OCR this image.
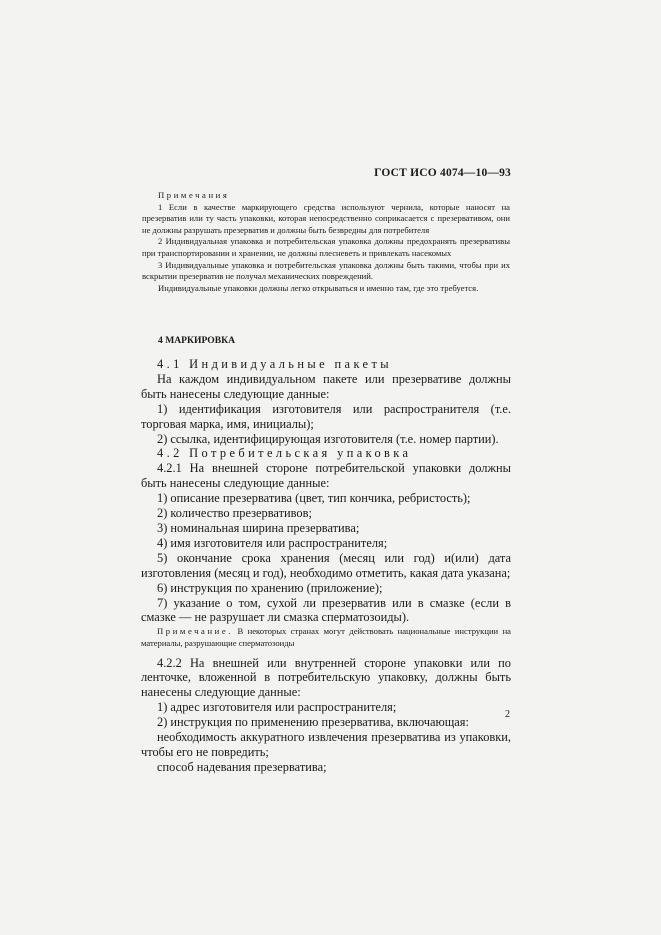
ГОСТ ИСО 4074—10—93

Примечания

1 Если в качестве маркирующего средства используют чернила, которые наносят на презерватив или ту часть упаковки, которая непосредственно соприкасается с презервативом, они не должны разрушать презерватив и должны быть безвредны для потребителя

2 Индивидуальная упаковка и потребительская упаковка должны предохранять презервативы при транспортировании и хранении, не должны плесневеть и привлекать насекомых

3 Индивидуальные упаковка и потребительская упаковка должны быть такими, чтобы при их вскрытии презерватив не получал механических повреждений.

Индивидуальные упаковки должны легко открываться и именно там, где это требуется.

4 МАРКИРОВКА

4.1 Индивидуальные пакеты

На каждом индивидуальном пакете или презервативе должны быть нанесены следующие данные:

1) идентификация изготовителя или распространителя (т.е. торговая марка, имя, инициалы);

2) ссылка, идентифицирующая изготовителя (т.е. номер партии).

4.2 Потребительская упаковка

4.2.1 На внешней стороне потребительской упаковки должны быть нанесены следующие данные:

1) описание презерватива (цвет, тип кончика, ребристость);

2) количество презервативов;

3) номинальная ширина презерватива;

4) имя изготовителя или распространителя;

5) окончание срока хранения (месяц или год) и(или) дата изготовления (месяц и год), необходимо отметить, какая дата указана;

6) инструкция по хранению (приложение);

7) указание о том, сухой ли презерватив или в смазке (если в смазке — не разрушает ли смазка сперматозоиды).

Примечание. В некоторых странах могут действовать национальные инструкции на материалы, разрушающие сперматозоиды

4.2.2 На внешней или внутренней стороне упаковки или по ленточке, вложенной в потребительскую упаковку, должны быть нанесены следующие данные:

1) адрес изготовителя или распространителя;

2) инструкция по применению презерватива, включающая:

необходимость аккуратного извлечения презерватива из упаковки, чтобы его не повредить;

способ надевания презерватива;

2
